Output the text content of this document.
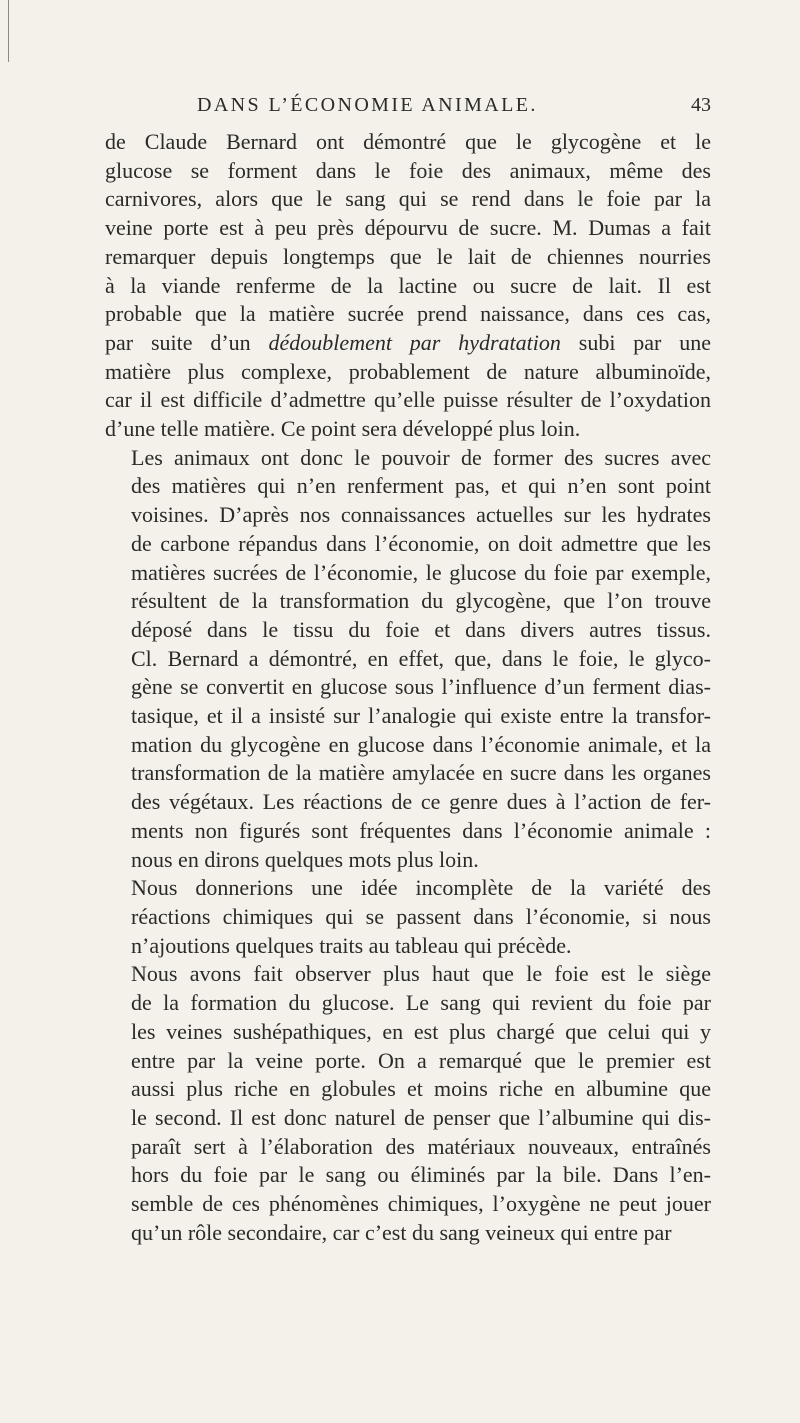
DANS L’ÉCONOMIE ANIMALE.	43
de Claude Bernard ont démontré que le glycogène et le
glucose se forment dans le foie des animaux, même des
carnivores, alors que le sang qui se rend dans le foie par la
veine porte est à peu près dépourvu de sucre. M. Dumas a fait
remarquer depuis longtemps que le lait de chiennes nourries
à la viande renferme de la lactine ou sucre de lait. Il est
probable que la matière sucrée prend naissance, dans ces cas,
par suite d’un dédoublement par hydratation subi par une
matière plus complexe, probablement de nature albuminoïde,
car il est difficile d’admettre qu’elle puisse résulter de l’oxydation
d’une telle matière. Ce point sera développé plus loin.
Les animaux ont donc le pouvoir de former des sucres avec
des matières qui n’en renferment pas, et qui n’en sont point
voisines. D’après nos connaissances actuelles sur les hydrates
de carbone répandus dans l’économie, on doit admettre que les
matières sucrées de l’économie, le glucose du foie par exemple,
résultent de la transformation du glycogène, que l’on trouve
déposé dans le tissu du foie et dans divers autres tissus.
Cl. Bernard a démontré, en effet, que, dans le foie, le glyco-
gène se convertit en glucose sous l’influence d’un ferment dias-
tasique, et il a insisté sur l’analogie qui existe entre la transfor-
mation du glycogène en glucose dans l’économie animale, et la
transformation de la matière amylacée en sucre dans les organes
des végétaux. Les réactions de ce genre dues à l’action de fer-
ments non figurés sont fréquentes dans l’économie animale :
nous en dirons quelques mots plus loin.
Nous donnerions une idée incomplète de la variété des
réactions chimiques qui se passent dans l’économie, si nous
n’ajoutions quelques traits au tableau qui précède.
Nous avons fait observer plus haut que le foie est le siège
de la formation du glucose. Le sang qui revient du foie par
les veines sushépathiques, en est plus chargé que celui qui y
entre par la veine porte. On a remarqué que le premier est
aussi plus riche en globules et moins riche en albumine que
le second. Il est donc naturel de penser que l’albumine qui dis-
paraît sert à l’élaboration des matériaux nouveaux, entraînés
hors du foie par le sang ou éliminés par la bile. Dans l’en-
semble de ces phénomènes chimiques, l’oxygène ne peut jouer
qu’un rôle secondaire, car c’est du sang veineux qui entre par
